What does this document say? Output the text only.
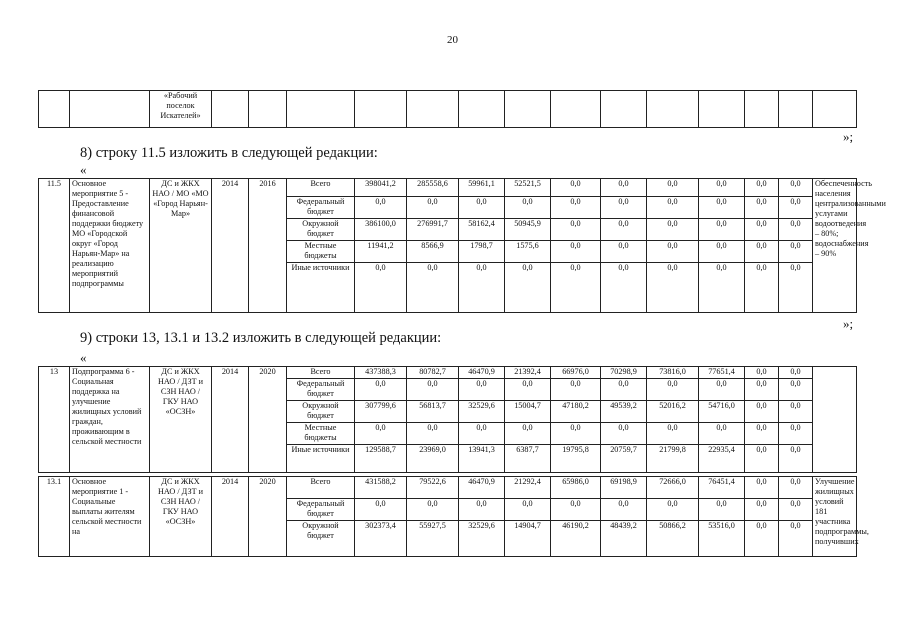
20
		«Рабочий поселок Искателей»														
»;
8) строку 11.5 изложить в следующей редакции:
«
11.5	Основное мероприятие 5 - Предоставление финансовой поддержки бюджету МО «Городской округ «Город Нарьян-Мар» на реализацию мероприятий подпрограммы	ДС и ЖКХ НАО / МО «МО «Город Нарьян-Мар»	2014	2016	Всего	398041,2	285558,6	59961,1	52521,5	0,0	0,0	0,0	0,0	0,0	0,0	Обеспеченность населения централизованными услугами водоотведения – 80%; водоснабжения – 90%
					Федеральный бюджет	0,0	0,0	0,0	0,0	0,0	0,0	0,0	0,0	0,0	0,0	
					Окружной бюджет	386100,0	276991,7	58162,4	50945,9	0,0	0,0	0,0	0,0	0,0	0,0	
					Местные бюджеты	11941,2	8566,9	1798,7	1575,6	0,0	0,0	0,0	0,0	0,0	0,0	
					Иные источники	0,0	0,0	0,0	0,0	0,0	0,0	0,0	0,0	0,0	0,0	
»;
9) строки 13, 13.1 и 13.2 изложить в следующей редакции:
«
13	Подпрограмма 6 - Социальная поддержка на улучшение жилищных условий граждан, проживающим в сельской местности	ДС и ЖКХ НАО / ДЗТ и СЗН НАО / ГКУ НАО «ОСЗН»	2014	2020	Всего	437388,3	80782,7	46470,9	21392,4	66976,0	70298,9	73816,0	77651,4	0,0	0,0	
					Федеральный бюджет	0,0	0,0	0,0	0,0	0,0	0,0	0,0	0,0	0,0	0,0	
					Окружной бюджет	307799,6	56813,7	32529,6	15004,7	47180,2	49539,2	52016,2	54716,0	0,0	0,0	
					Местные бюджеты	0,0	0,0	0,0	0,0	0,0	0,0	0,0	0,0	0,0	0,0	
					Иные источники	129588,7	23969,0	13941,3	6387,7	19795,8	20759,7	21799,8	22935,4	0,0	0,0	
13.1	Основное мероприятие 1 - Социальные выплаты жителям сельской местности на	ДС и ЖКХ НАО / ДЗТ и СЗН НАО / ГКУ НАО «ОСЗН»	2014	2020	Всего	431588,2	79522,6	46470,9	21292,4	65986,0	69198,9	72666,0	76451,4	0,0	0,0	Улучшение жилищных условий 181 участника подпрограммы, получивших
					Федеральный бюджет	0,0	0,0	0,0	0,0	0,0	0,0	0,0	0,0	0,0	0,0	
					Окружной бюджет	302373,4	55927,5	32529,6	14904,7	46190,2	48439,2	50866,2	53516,0	0,0	0,0	
